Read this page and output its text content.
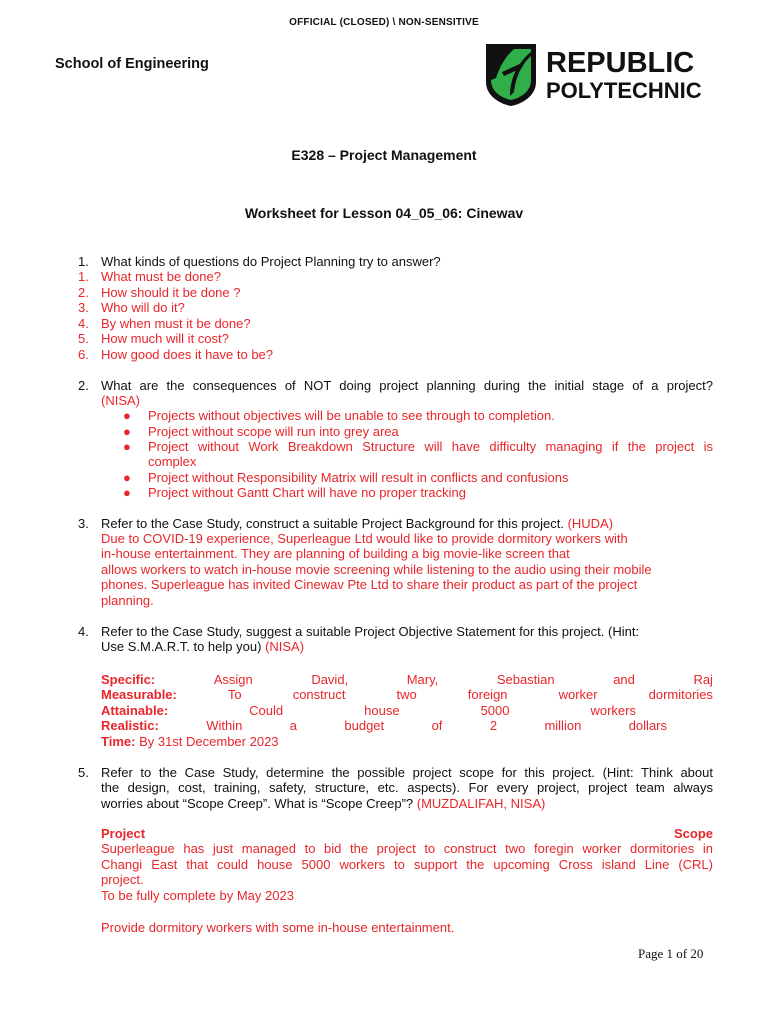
OFFICIAL (CLOSED) \ NON-SENSITIVE
School of Engineering	REPUBLIC
POLYTECHNIC
E328 – Project Management
Worksheet for Lesson 04_05_06: Cinewav
1. What kinds of questions do Project Planning try to answer?
1. What must be done?
2. How should it be done ?
3. Who will do it?
4. By when must it be done?
5. How much will it cost?
6. How good does it have to be?
2. What are the consequences of NOT doing project planning during the initial stage of a project?
(NISA)
● Projects without objectives will be unable to see through to completion.
● Project without scope will run into grey area
● Project without Work Breakdown Structure will have difficulty managing if the project is
complex
● Project without Responsibility Matrix will result in conflicts and confusions
● Project without Gantt Chart will have no proper tracking
3. Refer to the Case Study, construct a suitable Project Background for this project. (HUDA)
Due to COVID-19 experience, Superleague Ltd would like to provide dormitory workers with
in-house entertainment. They are planning of building a big movie-like screen that
allows workers to watch in-house movie screening while listening to the audio using their mobile
phones. Superleague has invited Cinewav Pte Ltd to share their product as part of the project
planning.
4. Refer to the Case Study, suggest a suitable Project Objective Statement for this project. (Hint:
Use S.M.A.R.T. to help you) (NISA)
Specific:	Assign	David,	Mary,	Sebastian	and	Raj
Measurable:	To	construct	two	foreign	worker	dormitories
Attainable:	Could	house	5000	workers
Realistic:	Within	a	budget	of	2	million	dollars
Time: By 31st December 2023
5. Refer to the Case Study, determine the possible project scope for this project. (Hint: Think about
the design, cost, training, safety, structure, etc. aspects). For every project, project team always
worries about “Scope Creep”. What is “Scope Creep”? (MUZDALIFAH, NISA)
Project	Scope
Superleague has just managed to bid the project to construct two foregin worker dormitories in
Changi East that could house 5000 workers to support the upcoming Cross island Line (CRL)
project.
To be fully complete by May 2023
Provide dormitory workers with some in-house entertainment.
Page 1 of 20
